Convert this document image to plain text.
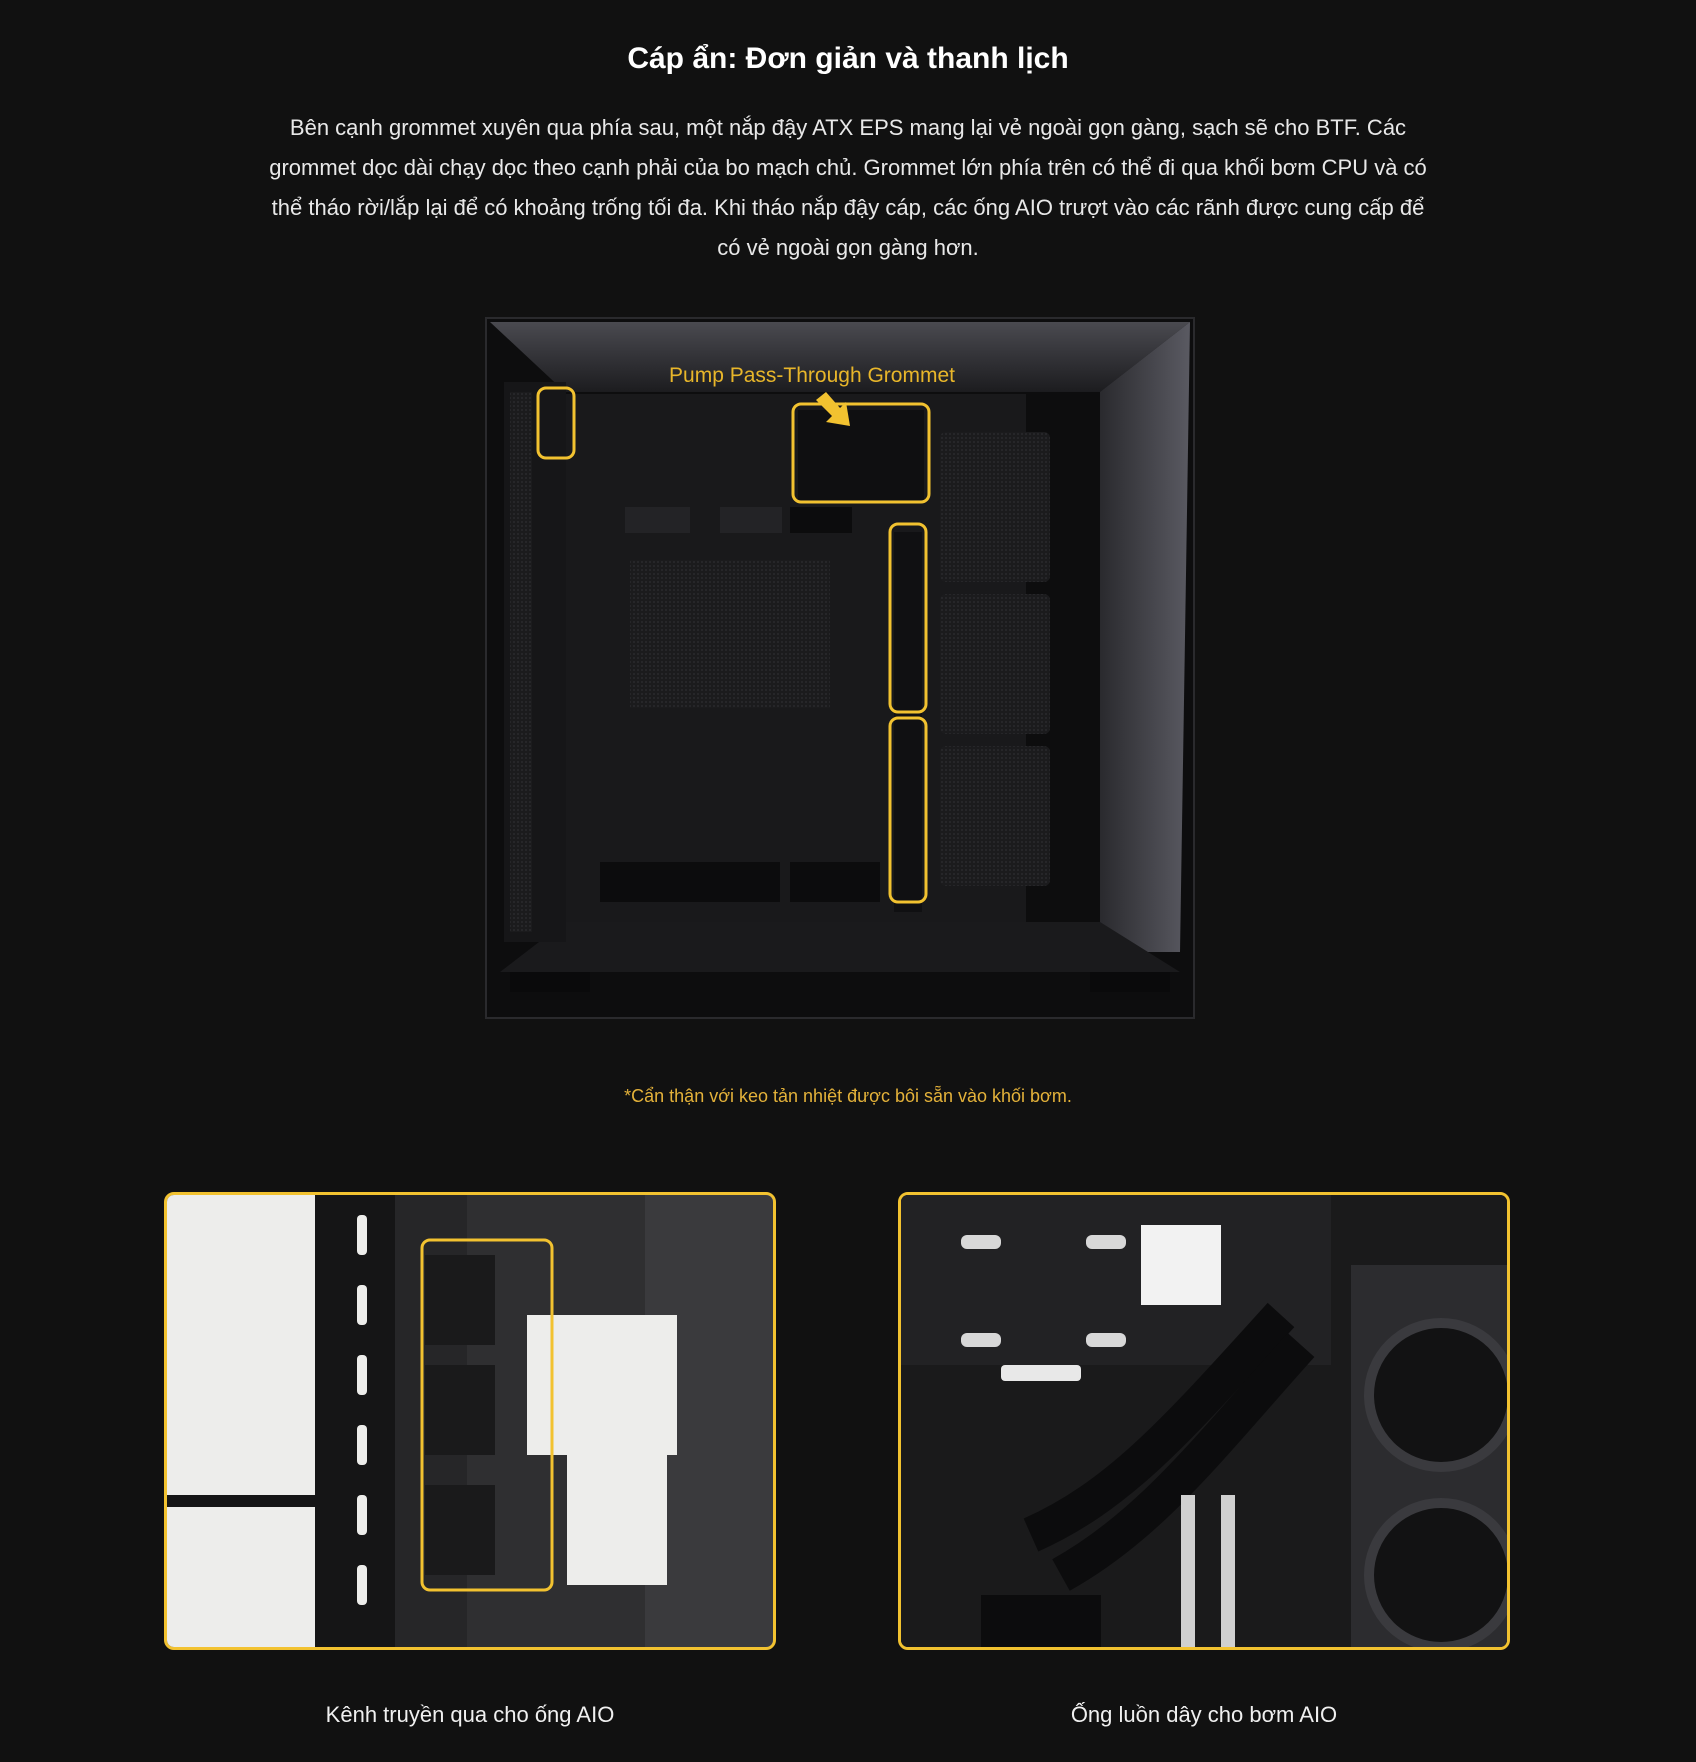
Cáp ẩn: Đơn giản và thanh lịch

Bên cạnh grommet xuyên qua phía sau, một nắp đậy ATX EPS mang lại vẻ ngoài gọn gàng, sạch sẽ cho BTF. Các grommet dọc dài chạy dọc theo cạnh phải của bo mạch chủ. Grommet lớn phía trên có thể đi qua khối bơm CPU và có thể tháo rời/lắp lại để có khoảng trống tối đa. Khi tháo nắp đậy cáp, các ống AIO trượt vào các rãnh được cung cấp để có vẻ ngoài gọn gàng hơn.

Pump Pass-Through Grommet

*Cẩn thận với keo tản nhiệt được bôi sẵn vào khối bơm.

Kênh truyền qua cho ống AIO	Ống luồn dây cho bơm AIO
